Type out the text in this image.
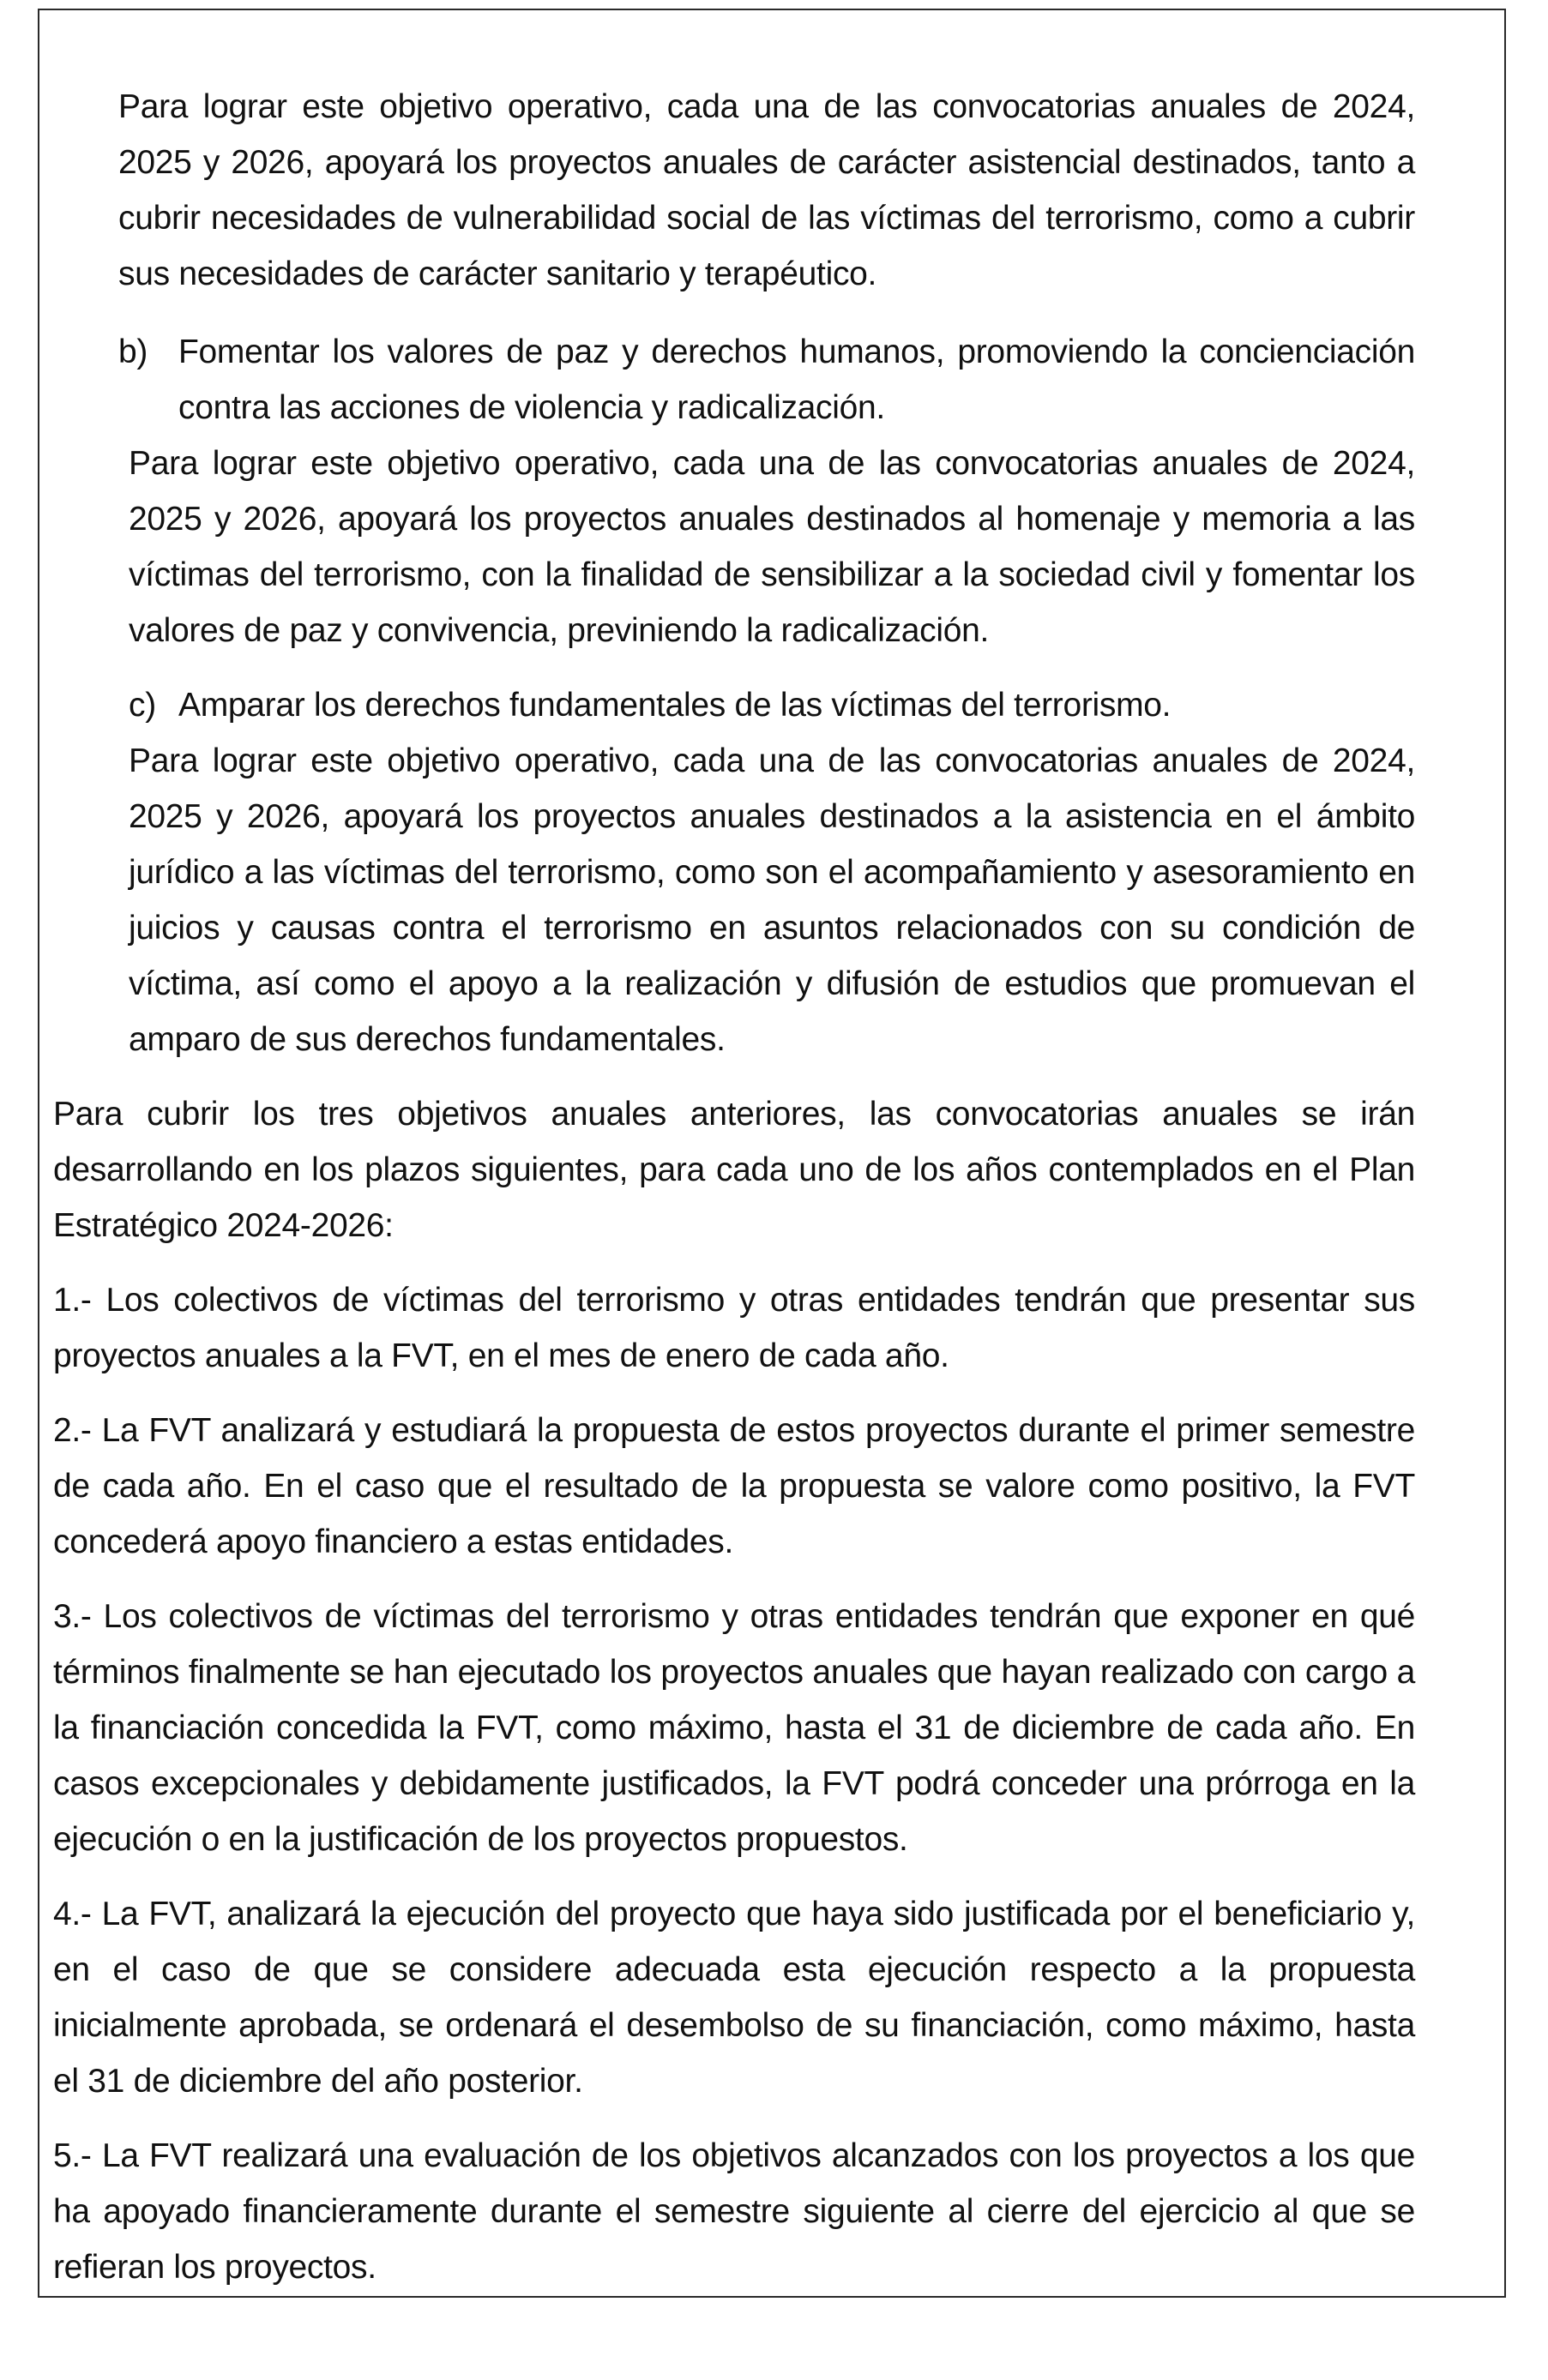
Para lograr este objetivo operativo, cada una de las convocatorias anuales de 2024, 2025 y 2026, apoyará los proyectos anuales de carácter asistencial destinados, tanto a cubrir necesidades de vulnerabilidad social de las víctimas del terrorismo, como a cubrir sus necesidades de carácter sanitario y terapéutico.

b) Fomentar los valores de paz y derechos humanos, promoviendo la concienciación contra las acciones de violencia y radicalización.

Para lograr este objetivo operativo, cada una de las convocatorias anuales de 2024, 2025 y 2026, apoyará los proyectos anuales destinados al homenaje y memoria a las víctimas del terrorismo, con la finalidad de sensibilizar a la sociedad civil y fomentar los valores de paz y convivencia, previniendo la radicalización.

c) Amparar los derechos fundamentales de las víctimas del terrorismo.

Para lograr este objetivo operativo, cada una de las convocatorias anuales de 2024, 2025 y 2026, apoyará los proyectos anuales destinados a la asistencia en el ámbito jurídico a las víctimas del terrorismo, como son el acompañamiento y asesoramiento en juicios y causas contra el terrorismo en asuntos relacionados con su condición de víctima, así como el apoyo a la realización y difusión de estudios que promuevan el amparo de sus derechos fundamentales.

Para cubrir los tres objetivos anuales anteriores, las convocatorias anuales se irán desarrollando en los plazos siguientes, para cada uno de los años contemplados en el Plan Estratégico 2024-2026:

1.- Los colectivos de víctimas del terrorismo y otras entidades tendrán que presentar sus proyectos anuales a la FVT, en el mes de enero de cada año.

2.- La FVT analizará y estudiará la propuesta de estos proyectos durante el primer semestre de cada año. En el caso que el resultado de la propuesta se valore como positivo, la FVT concederá apoyo financiero a estas entidades.

3.- Los colectivos de víctimas del terrorismo y otras entidades tendrán que exponer en qué términos finalmente se han ejecutado los proyectos anuales que hayan realizado con cargo a la financiación concedida la FVT, como máximo, hasta el 31 de diciembre de cada año. En casos excepcionales y debidamente justificados, la FVT podrá conceder una prórroga en la ejecución o en la justificación de los proyectos propuestos.

4.- La FVT, analizará la ejecución del proyecto que haya sido justificada por el beneficiario y, en el caso de que se considere adecuada esta ejecución respecto a la propuesta inicialmente aprobada, se ordenará el desembolso de su financiación, como máximo, hasta el 31 de diciembre del año posterior.

5.- La FVT realizará una evaluación de los objetivos alcanzados con los proyectos a los que ha apoyado financieramente durante el semestre siguiente al cierre del ejercicio al que se refieran los proyectos.
